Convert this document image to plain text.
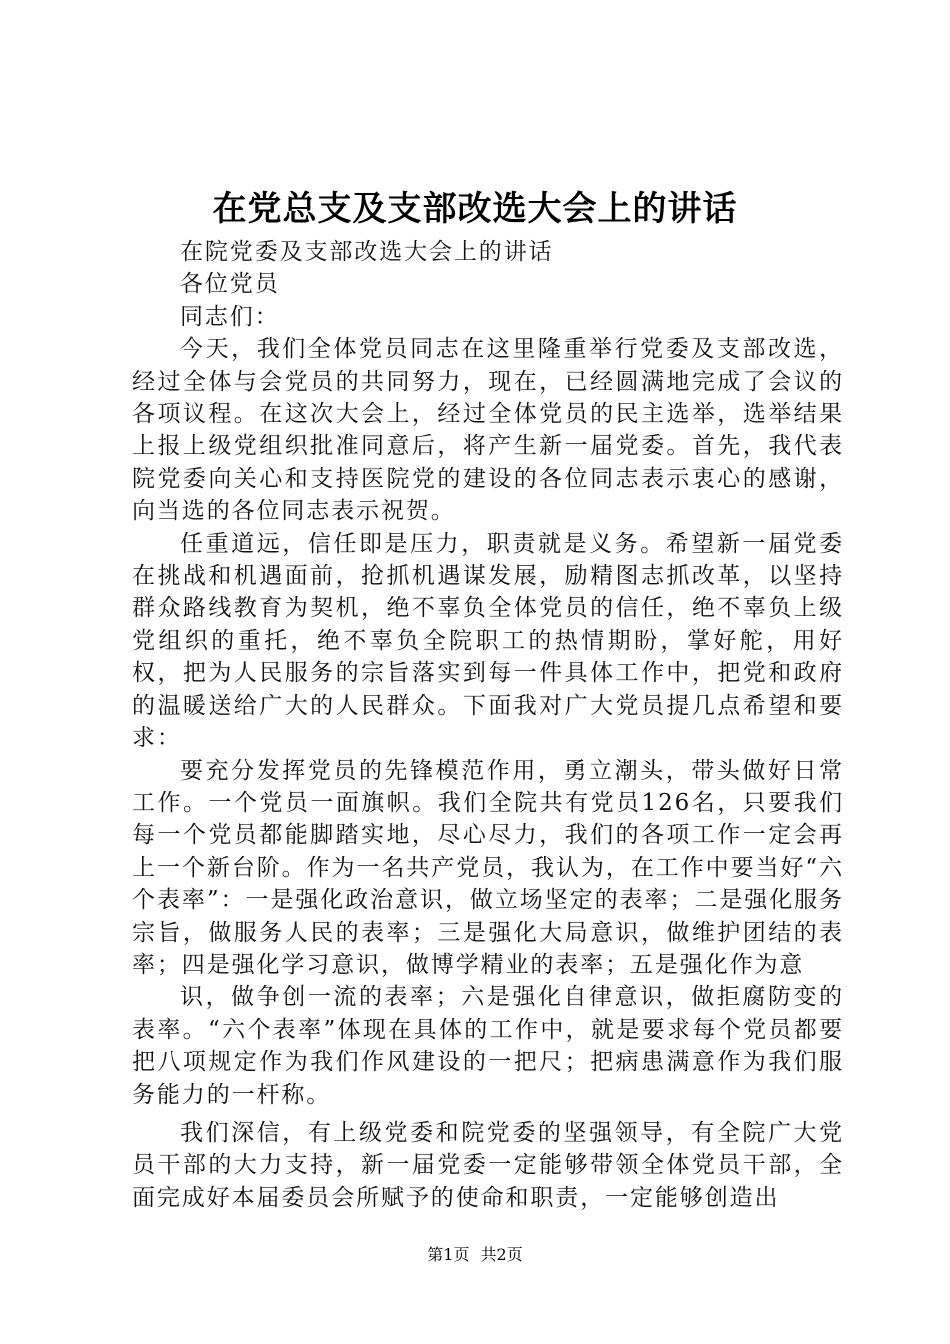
在党总支及支部改选大会上的讲话

在院党委及支部改选大会上的讲话

各位党员

同志们：

今天，我们全体党员同志在这里隆重举行党委及支部改选，经过全体与会党员的共同努力，现在，已经圆满地完成了会议的各项议程。在这次大会上，经过全体党员的民主选举，选举结果上报上级党组织批准同意后，将产生新一届党委。首先，我代表院党委向关心和支持医院党的建设的各位同志表示衷心的感谢，向当选的各位同志表示祝贺。

任重道远，信任即是压力，职责就是义务。希望新一届党委在挑战和机遇面前，抢抓机遇谋发展，励精图志抓改革，以坚持群众路线教育为契机，绝不辜负全体党员的信任，绝不辜负上级党组织的重托，绝不辜负全院职工的热情期盼，掌好舵，用好权，把为人民服务的宗旨落实到每一件具体工作中，把党和政府的温暖送给广大的人民群众。下面我对广大党员提几点希望和要求：

要充分发挥党员的先锋模范作用，勇立潮头，带头做好日常工作。一个党员一面旗帜。我们全院共有党员126名，只要我们每一个党员都能脚踏实地，尽心尽力，我们的各项工作一定会再上一个新台阶。作为一名共产党员，我认为，在工作中要当好“六个表率”：一是强化政治意识，做立场坚定的表率；二是强化服务宗旨，做服务人民的表率；三是强化大局意识，做维护团结的表率；四是强化学习意识，做博学精业的表率；五是强化作为意

识，做争创一流的表率；六是强化自律意识，做拒腐防变的表率。“六个表率”体现在具体的工作中，就是要求每个党员都要把八项规定作为我们作风建设的一把尺；把病患满意作为我们服务能力的一杆称。

我们深信，有上级党委和院党委的坚强领导，有全院广大党员干部的大力支持，新一届党委一定能够带领全体党员干部，全面完成好本届委员会所赋予的使命和职责，一定能够创造出

第1页 共2页
